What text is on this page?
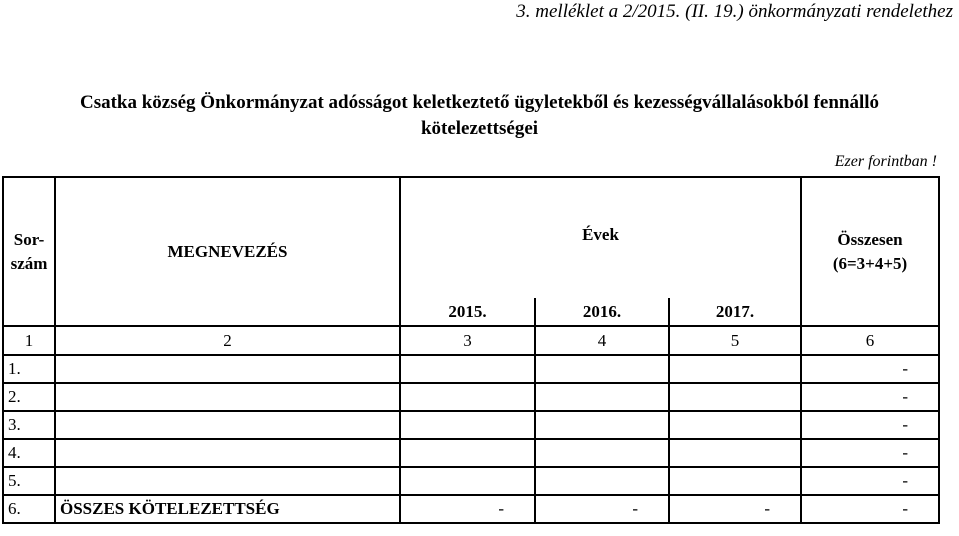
3. melléklet a 2/2015. (II. 19.) önkormányzati rendelethez
Csatka község Önkormányzat adósságot keletkeztető ügyletekből és kezességvállalásokból fennálló
kötelezettségei
Ezer forintban !
Sor-
szám	MEGNEVEZÉS	Évek			Összesen
(6=3+4+5)
		2015.	2016.	2017.	
1	2	3	4	5	6
1.					-
2.					-
3.					-
4.					-
5.					-
6.	ÖSSZES KÖTELEZETTSÉG	-	-	-	-
